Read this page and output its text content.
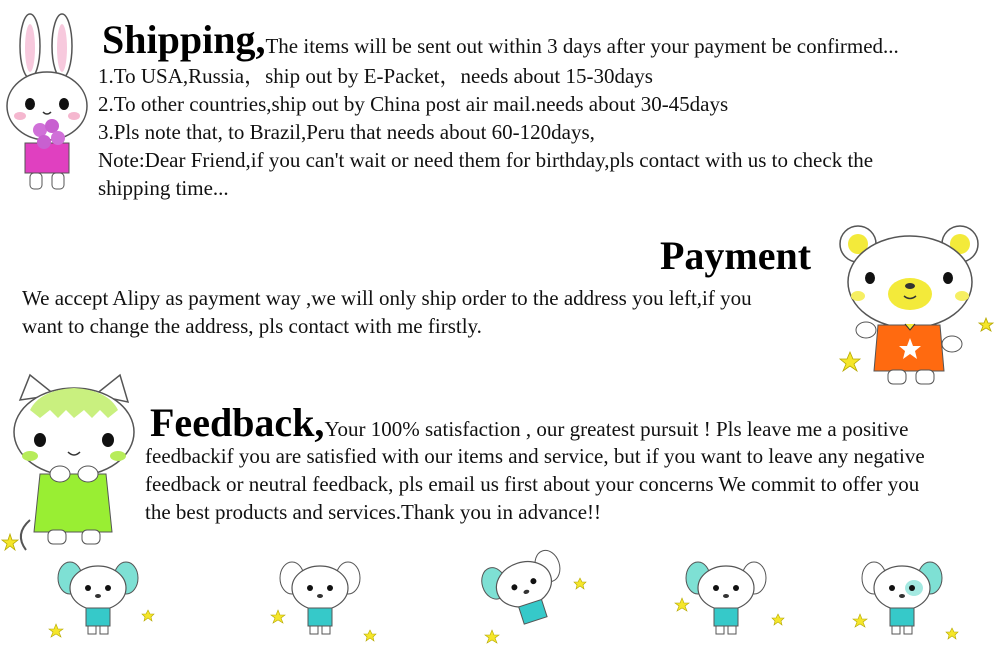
Shipping,The items will be sent out within 3 days after your payment be confirmed...
1.To USA,Russia，ship out by E-Packet，needs about 15-30days
2.To other countries,ship out by China post air mail.needs about 30-45days
3.Pls note that, to Brazil,Peru that needs about 60-120days,
Note:Dear Friend,if you can't wait or need them for birthday,pls contact with us to check the
shipping time...
Payment
We accept Alipy as payment way ,we will only ship order to the address you left,if you
want to change the address, pls contact with me firstly.
Feedback,Your 100% satisfaction , our greatest pursuit ! Pls leave me a positive
feedbackif you are satisfied with our items and service, but if you want to leave any negative
feedback or neutral feedback, pls email us first about your concerns We commit to offer you
the best products and services.Thank you in advance!!
